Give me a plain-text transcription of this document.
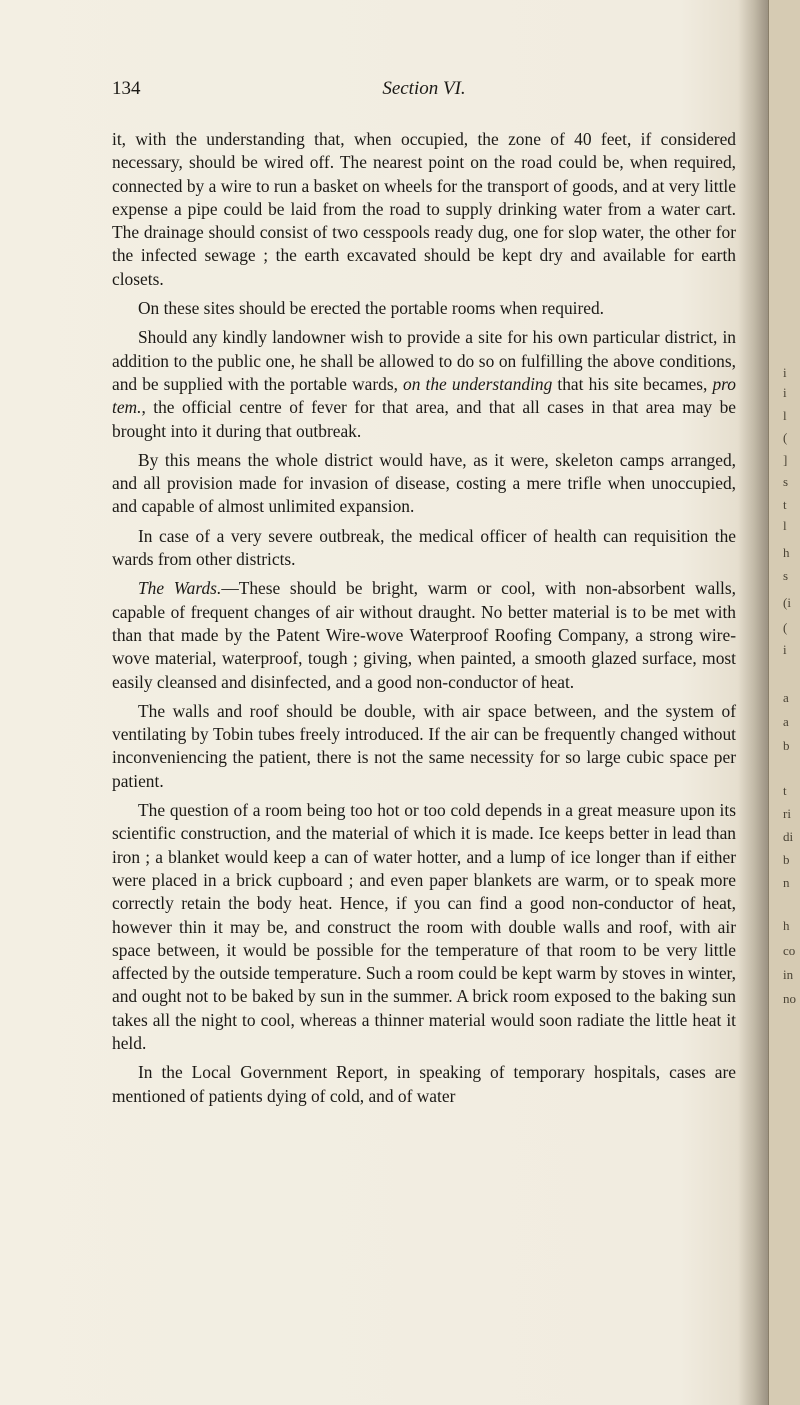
i
i
l
(
]
s
t
l
h
s
(i
(
i
a
a
b
t
ri
di
b
n
h
co
in
no
134	Section VI.

it, with the understanding that, when occupied, the zone of 40 feet, if considered necessary, should be wired off. The nearest point on the road could be, when required, connected by a wire to run a basket on wheels for the transport of goods, and at very little expense a pipe could be laid from the road to supply drinking water from a water cart. The drainage should consist of two cesspools ready dug, one for slop water, the other for the infected sewage ; the earth excavated should be kept dry and available for earth closets.

On these sites should be erected the portable rooms when required.

Should any kindly landowner wish to provide a site for his own particular district, in addition to the public one, he shall be allowed to do so on fulfilling the above conditions, and be supplied with the portable wards, on the understanding that his site becames, pro tem., the official centre of fever for that area, and that all cases in that area may be brought into it during that outbreak.

By this means the whole district would have, as it were, skeleton camps arranged, and all provision made for invasion of disease, costing a mere trifle when unoccupied, and capable of almost unlimited expansion.

In case of a very severe outbreak, the medical officer of health can requisition the wards from other districts.

The Wards.—These should be bright, warm or cool, with non-absorbent walls, capable of frequent changes of air without draught. No better material is to be met with than that made by the Patent Wire-wove Waterproof Roofing Company, a strong wire-wove material, waterproof, tough ; giving, when painted, a smooth glazed surface, most easily cleansed and disinfected, and a good non-conductor of heat.

The walls and roof should be double, with air space between, and the system of ventilating by Tobin tubes freely introduced. If the air can be frequently changed without inconveniencing the patient, there is not the same necessity for so large cubic space per patient.

The question of a room being too hot or too cold depends in a great measure upon its scientific construction, and the material of which it is made. Ice keeps better in lead than iron ; a blanket would keep a can of water hotter, and a lump of ice longer than if either were placed in a brick cupboard ; and even paper blankets are warm, or to speak more correctly retain the body heat. Hence, if you can find a good non-conductor of heat, however thin it may be, and construct the room with double walls and roof, with air space between, it would be possible for the temperature of that room to be very little affected by the outside temperature. Such a room could be kept warm by stoves in winter, and ought not to be baked by sun in the summer. A brick room exposed to the baking sun takes all the night to cool, whereas a thinner material would soon radiate the little heat it held.

In the Local Government Report, in speaking of temporary hospitals, cases are mentioned of patients dying of cold, and of water
